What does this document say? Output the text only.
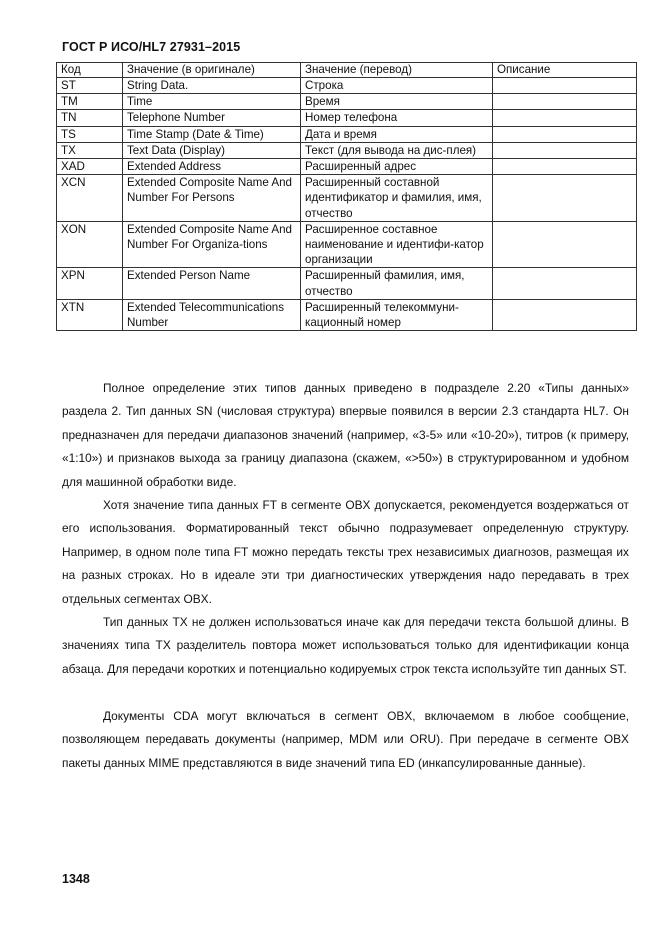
ГОСТ Р ИСО/HL7 27931–2015
Код	Значение (в оригинале)	Значение (перевод)	Описание
ST	String Data.	Строка	
TM	Time	Время	
TN	Telephone Number	Номер телефона	
TS	Time Stamp (Date & Time)	Дата и время	
TX	Text Data (Display)	Текст (для вывода на дис-плея)	
XAD	Extended Address	Расширенный адрес	
XCN	Extended Composite Name And Number For Persons	Расширенный составной идентификатор и фамилия, имя, отчество	
XON	Extended Composite Name And Number For Organiza-tions	Расширенное составное наименование и идентифи-катор организации	
XPN	Extended Person Name	Расширенный фамилия, имя, отчество	
XTN	Extended Telecommunications Number	Расширенный телекоммуни-кационный номер	

Полное определение этих типов данных приведено в подразделе 2.20 «Типы данных» раздела 2. Тип данных SN (числовая структура) впервые появился в версии 2.3 стандарта HL7. Он предназначен для передачи диапазонов значений (например, «3-5» или «10-20»), титров (к примеру, «1:10») и признаков выхода за границу диапазона (скажем, «>50») в структурированном и удобном для машинной обработки виде.

Хотя значение типа данных FT в сегменте OBX допускается, рекомендуется воздержаться от его использования. Форматированный текст обычно подразумевает определенную структуру. Например, в одном поле типа FT можно передать тексты трех независимых диагнозов, размещая их на разных строках. Но в идеале эти три диагностических утверждения надо передавать в трех отдельных сегментах OBX.

Тип данных TX не должен использоваться иначе как для передачи текста большой длины. В значениях типа TX разделитель повтора может использоваться только для идентификации конца абзаца. Для передачи коротких и потенциально кодируемых строк текста используйте тип данных ST.

Документы CDA могут включаться в сегмент OBX, включаемом в любое сообщение, позволяющем передавать документы (например, MDM или ORU). При передаче в сегменте OBX пакеты данных MIME представляются в виде значений типа ED (инкапсулированные данные).

1348
